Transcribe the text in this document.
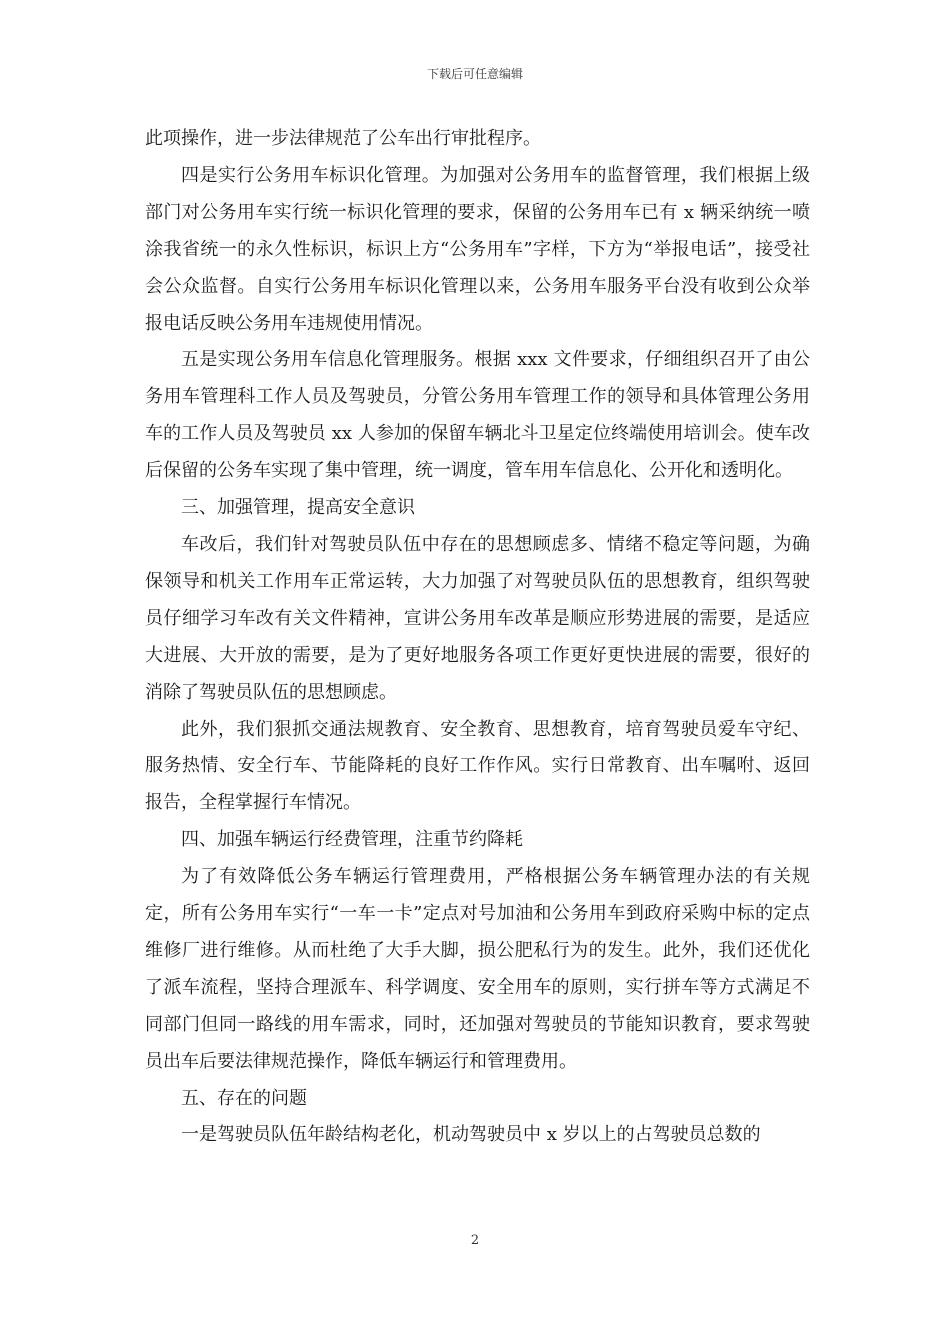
下载后可任意编辑

此项操作，进一步法律规范了公车出行审批程序。

四是实行公务用车标识化管理。为加强对公务用车的监督管理，我们根据上级部门对公务用车实行统一标识化管理的要求，保留的公务用车已有 x 辆采纳统一喷涂我省统一的永久性标识，标识上方“公务用车”字样，下方为“举报电话”，接受社会公众监督。自实行公务用车标识化管理以来，公务用车服务平台没有收到公众举报电话反映公务用车违规使用情况。

五是实现公务用车信息化管理服务。根据 xxx 文件要求，仔细组织召开了由公务用车管理科工作人员及驾驶员，分管公务用车管理工作的领导和具体管理公务用车的工作人员及驾驶员 xx 人参加的保留车辆北斗卫星定位终端使用培训会。使车改后保留的公务车实现了集中管理，统一调度，管车用车信息化、公开化和透明化。

三、加强管理，提高安全意识

车改后，我们针对驾驶员队伍中存在的思想顾虑多、情绪不稳定等问题，为确保领导和机关工作用车正常运转，大力加强了对驾驶员队伍的思想教育，组织驾驶员仔细学习车改有关文件精神，宣讲公务用车改革是顺应形势进展的需要，是适应大进展、大开放的需要，是为了更好地服务各项工作更好更快进展的需要，很好的消除了驾驶员队伍的思想顾虑。

此外，我们狠抓交通法规教育、安全教育、思想教育，培育驾驶员爱车守纪、服务热情、安全行车、节能降耗的良好工作作风。实行日常教育、出车嘱咐、返回报告，全程掌握行车情况。

四、加强车辆运行经费管理，注重节约降耗

为了有效降低公务车辆运行管理费用，严格根据公务车辆管理办法的有关规定，所有公务用车实行“一车一卡”定点对号加油和公务用车到政府采购中标的定点维修厂进行维修。从而杜绝了大手大脚，损公肥私行为的发生。此外，我们还优化了派车流程，坚持合理派车、科学调度、安全用车的原则，实行拼车等方式满足不同部门但同一路线的用车需求，同时，还加强对驾驶员的节能知识教育，要求驾驶员出车后要法律规范操作，降低车辆运行和管理费用。

五、存在的问题

一是驾驶员队伍年龄结构老化，机动驾驶员中 x 岁以上的占驾驶员总数的

2
